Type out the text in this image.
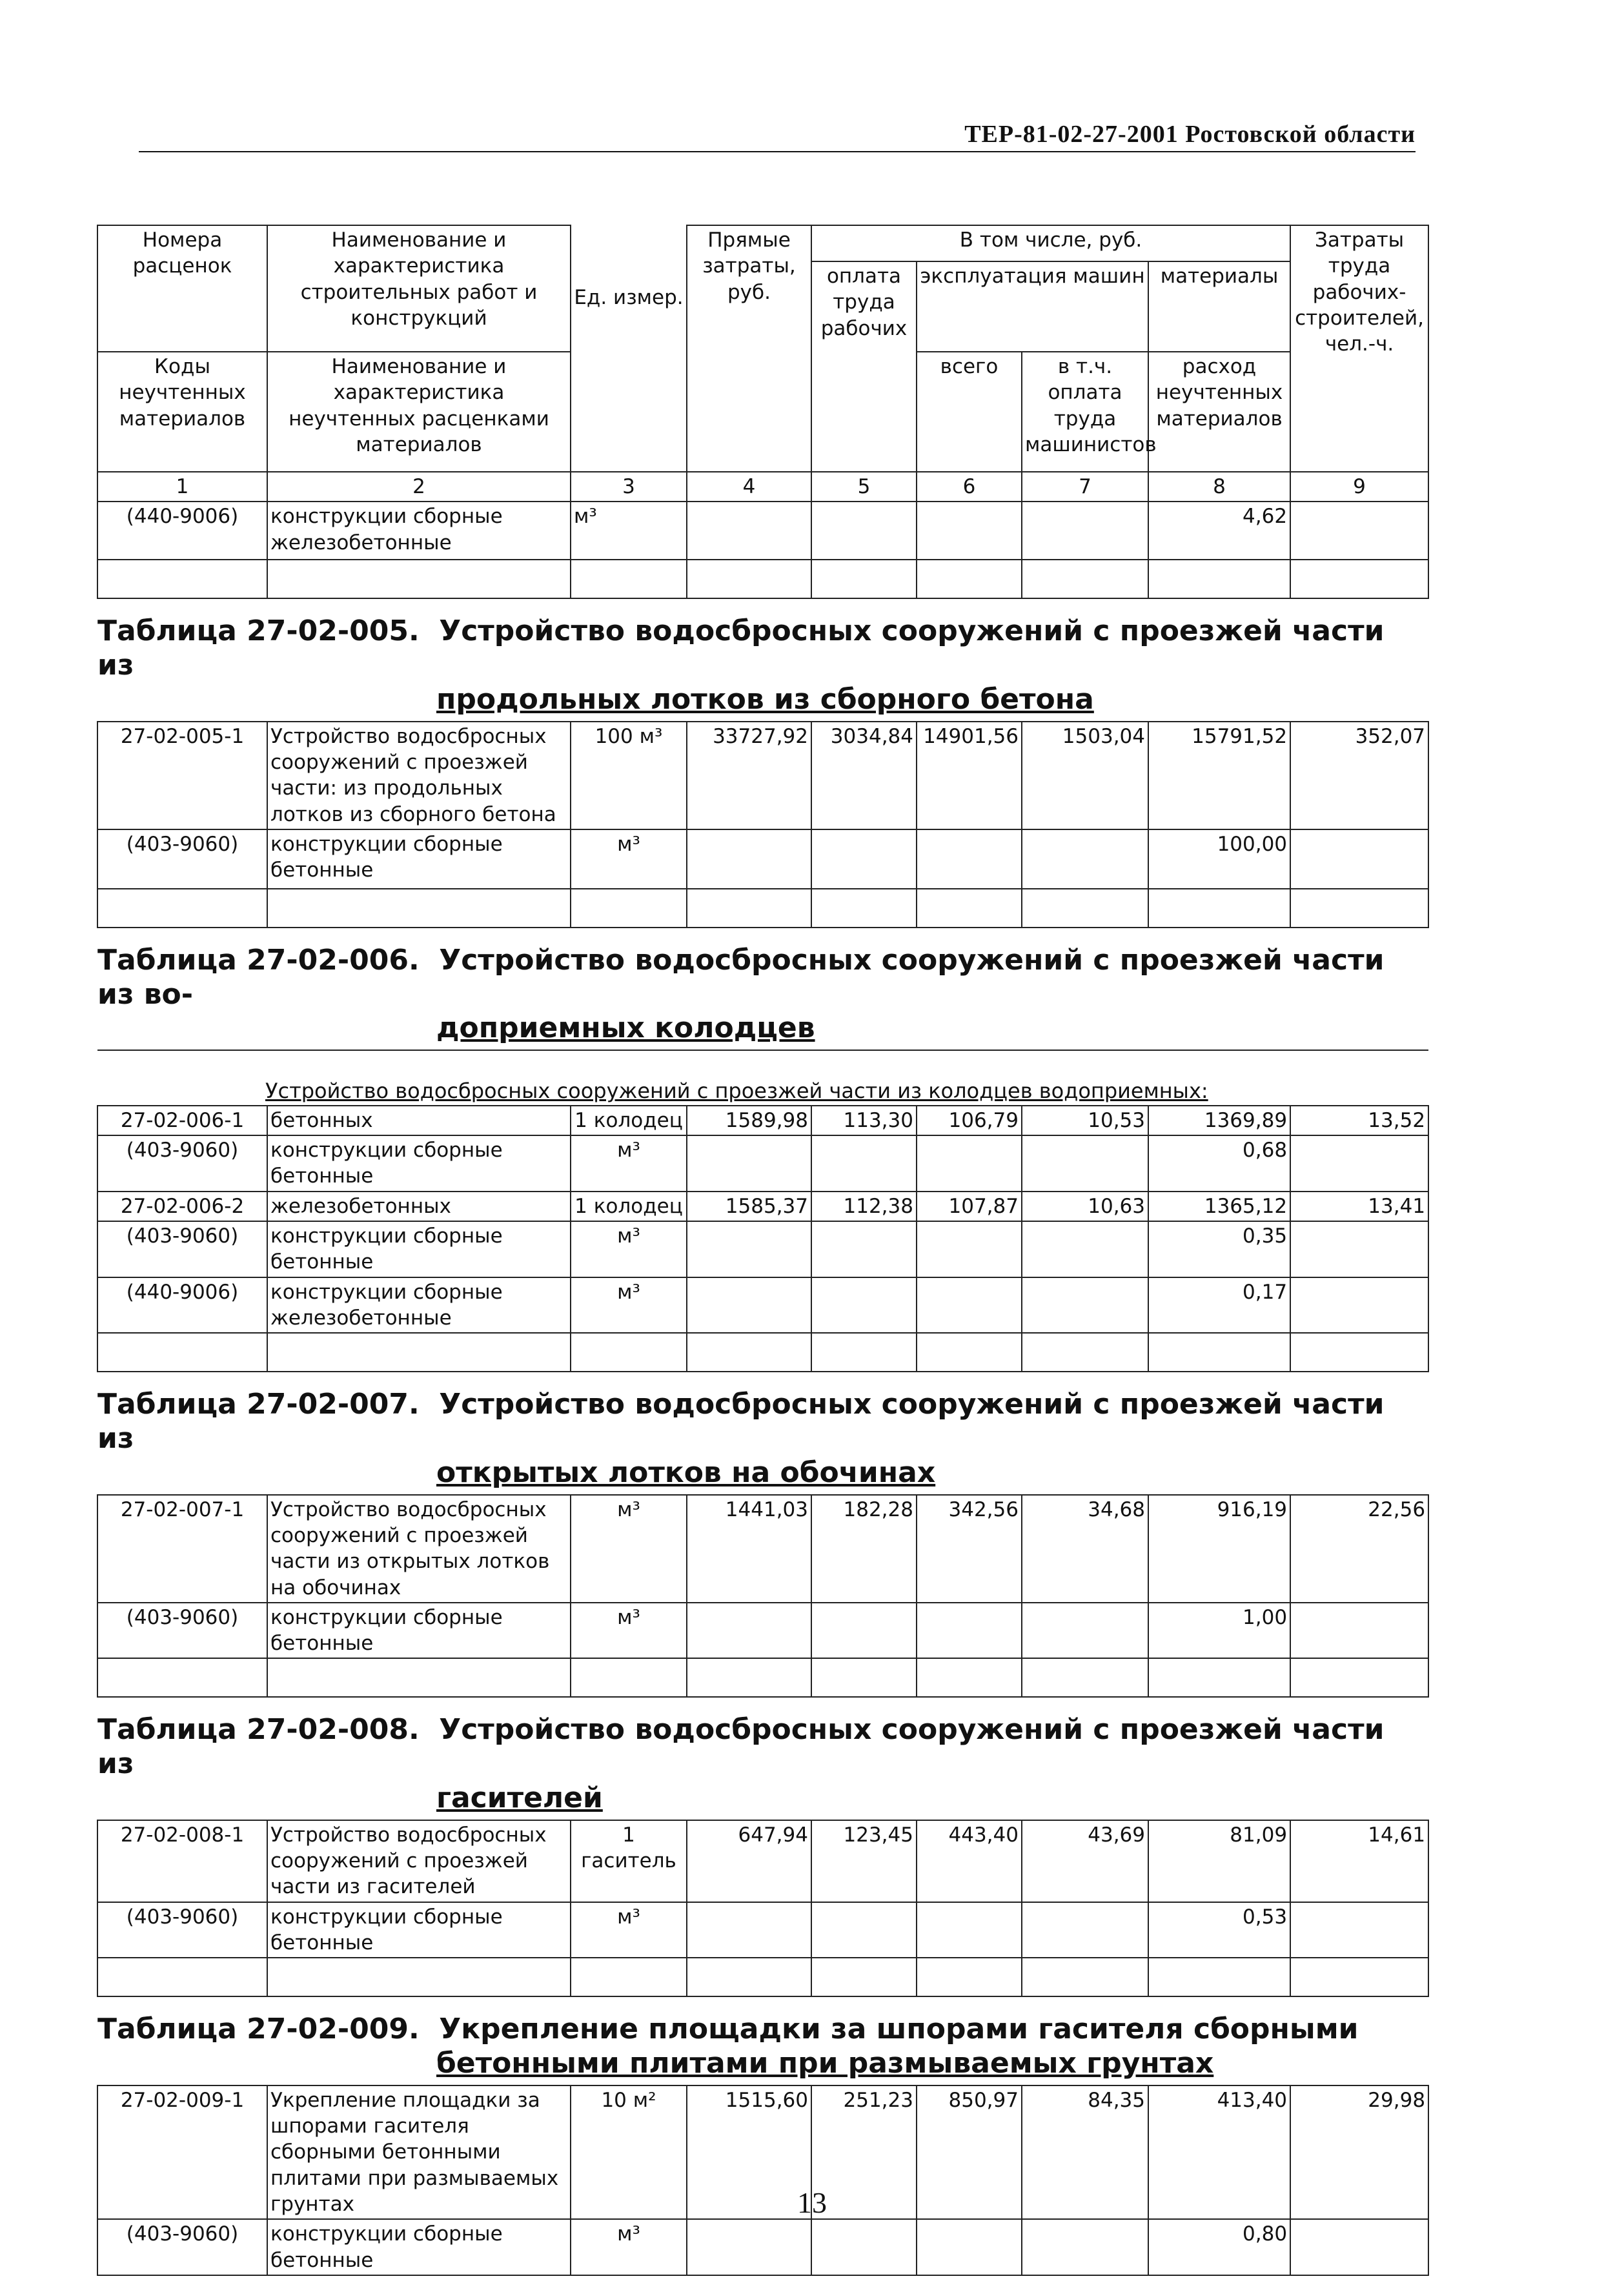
ТЕР-81-02-27-2001 Ростовской области
Номера расценок	Наименование и характеристика строительных работ и конструкций	Ед. измер.	Прямые затраты, руб.	В том числе, руб.				Затраты труда рабочих-строителей, чел.-ч.
				оплата труда рабочих	эксплуатация машин		материалы	
Коды неучтенных материалов	Наименование и характеристика неучтенных расценками материалов				всего	в т.ч. оплата труда машинистов	расход неучтенных материалов	

1	2	3	4	5	6	7	8	9
(440-9006)	конструкции сборные железобетонные	м³					4,62	

Таблица 27-02-005. Устройство водосбросных сооружений с проезжей части из
продольных лотков из сборного бетона								

27-02-005-1	Устройство водосбросных сооружений с проезжей части: из продольных лотков из сборного бетона	100 м³	33727,92	3034,84	14901,56	1503,04	15791,52	352,07
(403-9060)	конструкции сборные бетонные	м³					100,00	

Таблица 27-02-006. Устройство водосбросных сооружений с проезжей части из во-
доприемных колодцев								

Устройство водосбросных сооружений с проезжей части из колодцев водоприемных:								
27-02-006-1	бетонных	1 колодец	1589,98	113,30	106,79	10,53	1369,89	13,52
(403-9060)	конструкции сборные бетонные	м³					0,68	
27-02-006-2	железобетонных	1 колодец	1585,37	112,38	107,87	10,63	1365,12	13,41
(403-9060)	конструкции сборные бетонные	м³					0,35	
(440-9006)	конструкции сборные железобетонные	м³					0,17	

Таблица 27-02-007. Устройство водосбросных сооружений с проезжей части из
открытых лотков на обочинах								

27-02-007-1	Устройство водосбросных сооружений с проезжей части из открытых лотков на обочинах	м³	1441,03	182,28	342,56	34,68	916,19	22,56
(403-9060)	конструкции сборные бетонные	м³					1,00	

Таблица 27-02-008. Устройство водосбросных сооружений с проезжей части из
гасителей								

27-02-008-1	Устройство водосбросных сооружений с проезжей части из гасителей	1 гаситель	647,94	123,45	443,40	43,69	81,09	14,61
(403-9060)	конструкции сборные бетонные	м³					0,53	

Таблица 27-02-009. Укрепление площадки за шпорами гасителя сборными
бетонными плитами при размываемых грунтах								

27-02-009-1	Укрепление площадки за шпорами гасителя сборными бетонными плитами при размываемых грунтах	10 м²	1515,60	251,23	850,97	84,35	413,40	29,98
(403-9060)	конструкции сборные бетонные	м³					0,80	
13
